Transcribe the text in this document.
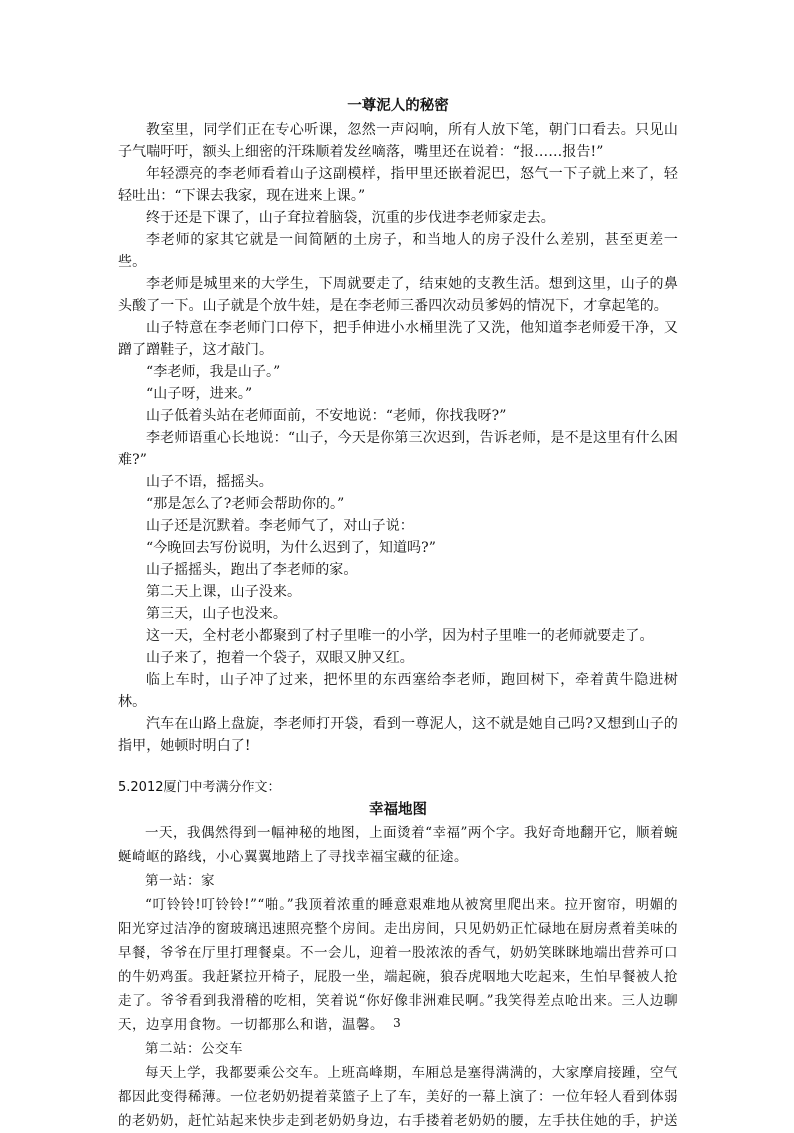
一尊泥人的秘密

教室里，同学们正在专心听课，忽然一声闷响，所有人放下笔，朝门口看去。只见山子气喘吁吁，额头上细密的汗珠顺着发丝嘀落，嘴里还在说着：“报……报告!”

年轻漂亮的李老师看着山子这副模样，指甲里还嵌着泥巴，怒气一下子就上来了，轻轻吐出：“下课去我家，现在进来上课。”

终于还是下课了，山子耷拉着脑袋，沉重的步伐进李老师家走去。

李老师的家其它就是一间简陋的土房子，和当地人的房子没什么差别，甚至更差一些。

李老师是城里来的大学生，下周就要走了，结束她的支教生活。想到这里，山子的鼻头酸了一下。山子就是个放牛娃，是在李老师三番四次动员爹妈的情况下，才拿起笔的。

山子特意在李老师门口停下，把手伸进小水桶里洗了又洗，他知道李老师爱干净，又蹭了蹭鞋子，这才敲门。

“李老师，我是山子。”

“山子呀，进来。”

山子低着头站在老师面前，不安地说：“老师，你找我呀?”

李老师语重心长地说：“山子，今天是你第三次迟到，告诉老师，是不是这里有什么困难?”

山子不语，摇摇头。

“那是怎么了?老师会帮助你的。”

山子还是沉默着。李老师气了，对山子说：

“今晚回去写份说明，为什么迟到了，知道吗?”

山子摇摇头，跑出了李老师的家。

第二天上课，山子没来。

第三天，山子也没来。

这一天，全村老小都聚到了村子里唯一的小学，因为村子里唯一的老师就要走了。

山子来了，抱着一个袋子，双眼又肿又红。

临上车时，山子冲了过来，把怀里的东西塞给李老师，跑回树下，牵着黄牛隐进树林。

汽车在山路上盘旋，李老师打开袋，看到一尊泥人，这不就是她自己吗?又想到山子的指甲，她顿时明白了!

5.2012厦门中考满分作文：
幸福地图

一天，我偶然得到一幅神秘的地图，上面烫着“幸福”两个字。我好奇地翻开它，顺着蜿蜒崎岖的路线，小心翼翼地踏上了寻找幸福宝藏的征途。

第一站：家

“叮铃铃!叮铃铃!”“啪。”我顶着浓重的睡意艰难地从被窝里爬出来。拉开窗帘，明媚的阳光穿过洁净的窗玻璃迅速照亮整个房间。走出房间，只见奶奶正忙碌地在厨房煮着美味的早餐，爷爷在厅里打理餐桌。不一会儿，迎着一股浓浓的香气，奶奶笑眯眯地端出营养可口的牛奶鸡蛋。我赶紧拉开椅子，屁股一坐，端起碗，狼吞虎咽地大吃起来，生怕早餐被人抢走了。爷爷看到我滑稽的吃相，笑着说“你好像非洲难民啊。”我笑得差点呛出来。三人边聊天，边享用食物。一切都那么和谐，温馨。

第二站：公交车

每天上学，我都要乘公交车。上班高峰期，车厢总是塞得满满的，大家摩肩接踵，空气都因此变得稀薄。一位老奶奶提着菜篮子上了车，美好的一幕上演了：一位年轻人看到体弱的老奶奶，赶忙站起来快步走到老奶奶身边，右手搂着老奶奶的腰，左手扶住她的手，护送

3
